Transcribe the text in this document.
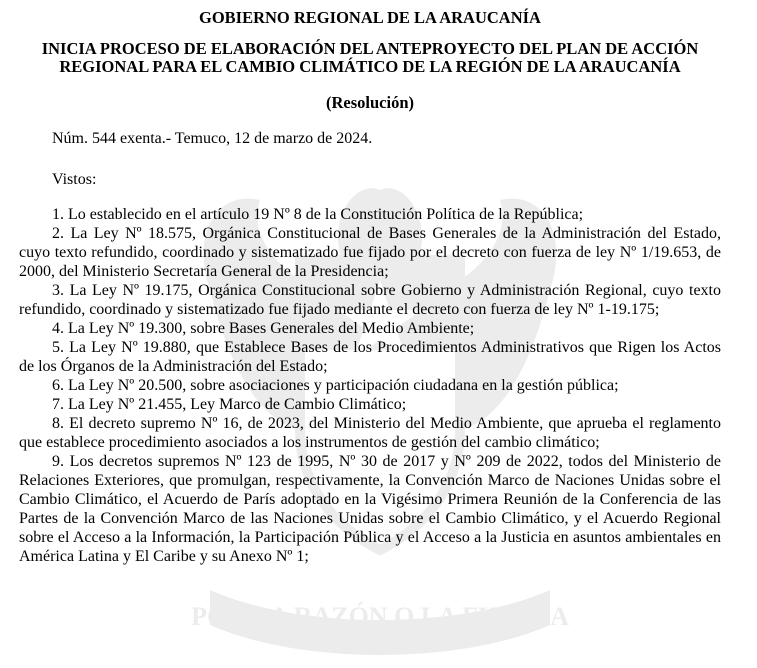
POR LA RAZÓN O LA FUERZA
GOBIERNO REGIONAL DE LA ARAUCANÍA
INICIA PROCESO DE ELABORACIÓN DEL ANTEPROYECTO DEL PLAN DE ACCIÓN REGIONAL PARA EL CAMBIO CLIMÁTICO DE LA REGIÓN DE LA ARAUCANÍA
(Resolución)

Núm. 544 exenta.- Temuco, 12 de marzo de 2024.

Vistos:

1. Lo establecido en el artículo 19 Nº 8 de la Constitución Política de la República;

2. La Ley Nº 18.575, Orgánica Constitucional de Bases Generales de la Administración del Estado, cuyo texto refundido, coordinado y sistematizado fue fijado por el decreto con fuerza de ley Nº 1/19.653, de 2000, del Ministerio Secretaría General de la Presidencia;

3. La Ley Nº 19.175, Orgánica Constitucional sobre Gobierno y Administración Regional, cuyo texto refundido, coordinado y sistematizado fue fijado mediante el decreto con fuerza de ley Nº 1-19.175;

4. La Ley Nº 19.300, sobre Bases Generales del Medio Ambiente;

5. La Ley Nº 19.880, que Establece Bases de los Procedimientos Administrativos que Rigen los Actos de los Órganos de la Administración del Estado;

6. La Ley Nº 20.500, sobre asociaciones y participación ciudadana en la gestión pública;

7. La Ley Nº 21.455, Ley Marco de Cambio Climático;

8. El decreto supremo Nº 16, de 2023, del Ministerio del Medio Ambiente, que aprueba el reglamento que establece procedimiento asociados a los instrumentos de gestión del cambio climático;

9. Los decretos supremos Nº 123 de 1995, Nº 30 de 2017 y Nº 209 de 2022, todos del Ministerio de Relaciones Exteriores, que promulgan, respectivamente, la Convención Marco de Naciones Unidas sobre el Cambio Climático, el Acuerdo de París adoptado en la Vigésimo Primera Reunión de la Conferencia de las Partes de la Convención Marco de las Naciones Unidas sobre el Cambio Climático, y el Acuerdo Regional sobre el Acceso a la Información, la Participación Pública y el Acceso a la Justicia en asuntos ambientales en América Latina y El Caribe y su Anexo Nº 1;
